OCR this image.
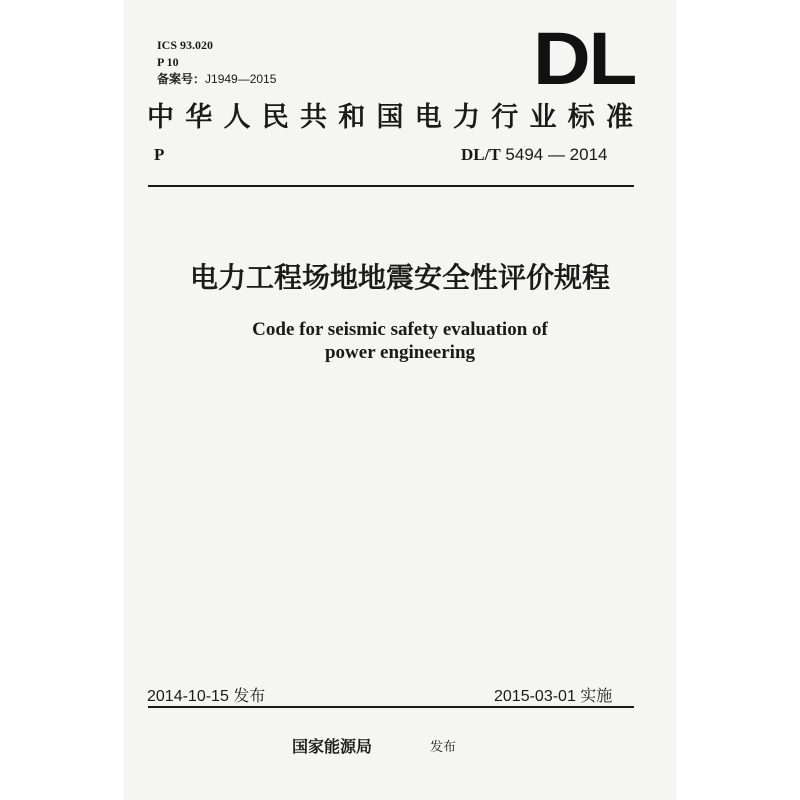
ICS 93.020
P 10
备案号：J1949—2015	DL
中 华 人 民 共 和 国 电 力 行 业 标 准
P	DL/T 5494 — 2014
电力工程场地地震安全性评价规程
Code for seismic safety evaluation of
power engineering
2014-10-15 发布	2015-03-01 实施
国家能源局	发布
